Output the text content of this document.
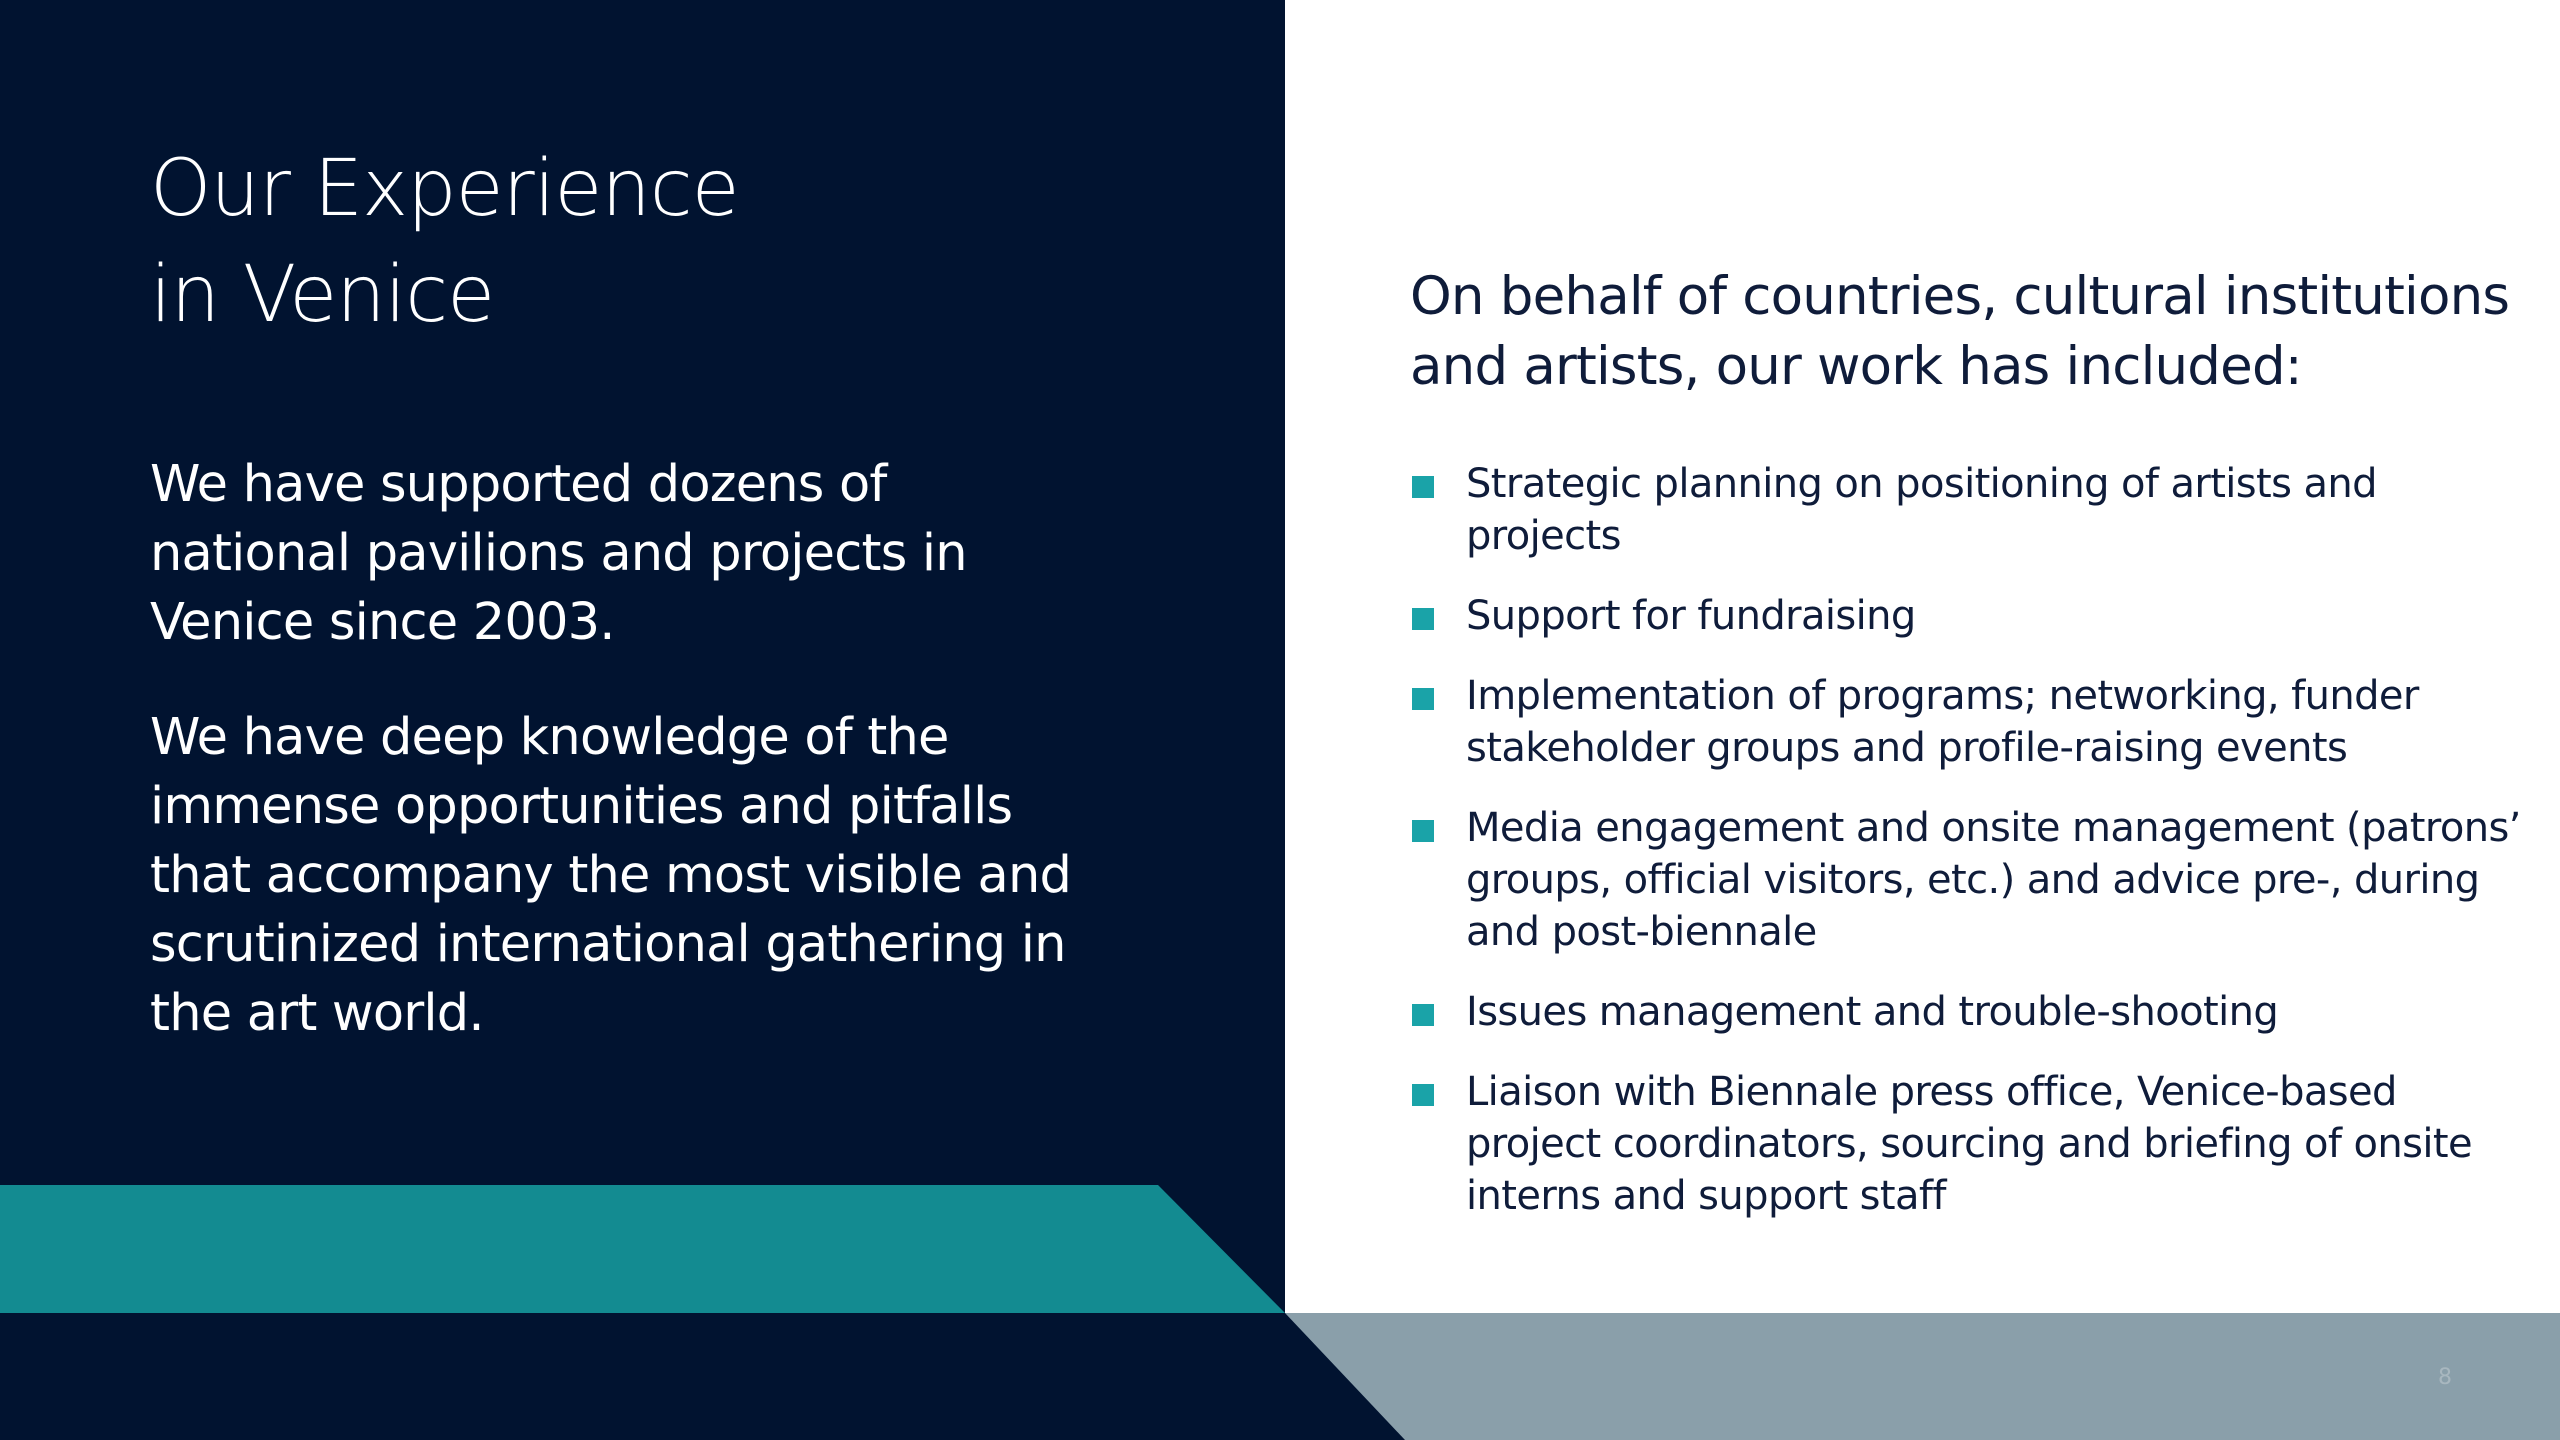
Our Experience
in Venice

We have supported dozens of national pavilions and projects in Venice since 2003.

We have deep knowledge of the immense opportunities and pitfalls that accompany the most visible and scrutinized international gathering in the art world.

On behalf of countries, cultural institutions and artists, our work has included:

Strategic planning on positioning of artists and projects
Support for fundraising
Implementation of programs; networking, funder stakeholder groups and profile-raising events
Media engagement and onsite management (patrons’ groups, official visitors, etc.) and advice pre-, during and post-biennale
Issues management and trouble-shooting
Liaison with Biennale press office, Venice-based project coordinators, sourcing and briefing of onsite interns and support staff
8
